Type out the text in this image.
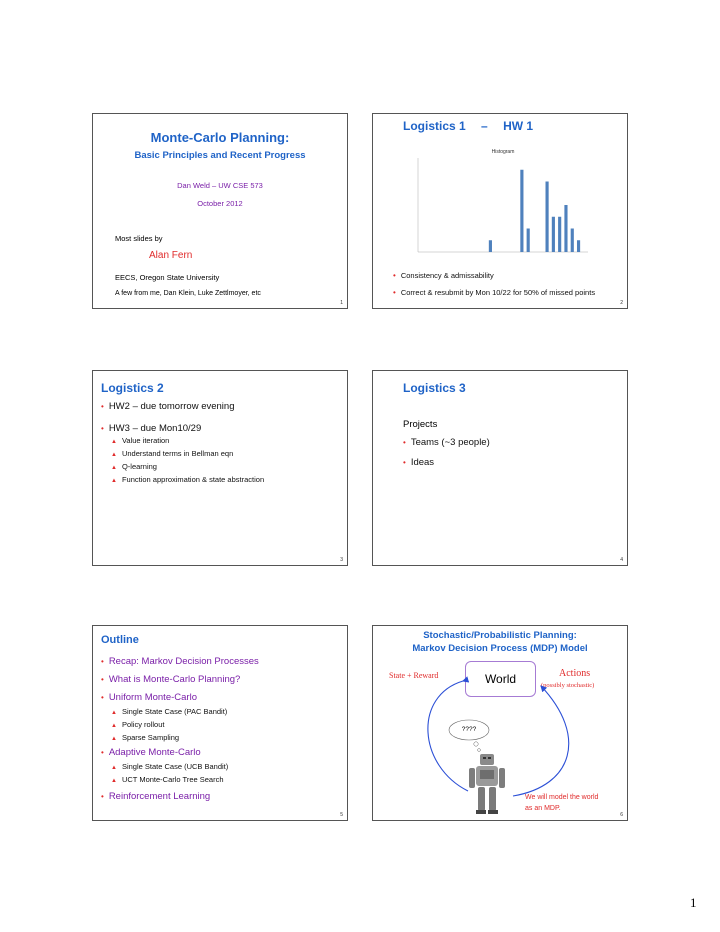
Monte-Carlo Planning:
Basic Principles and Recent Progress
Dan Weld – UW CSE 573
October 2012
Most slides by
Alan Fern
EECS, Oregon State University
A few from me, Dan Klein, Luke Zettlmoyer, etc
1
Logistics 1 – HW 1
Histogram
• Consistency & admissability
• Correct & resubmit by Mon 10/22 for 50% of missed points
2
Logistics 2
• HW2 – due tomorrow evening
• HW3 – due Mon10/29
▲ Value iteration
▲ Understand terms in Bellman eqn
▲ Q-learning
▲ Function approximation & state abstraction
3
Logistics 3
Projects
• Teams (~3 people)
• Ideas
4
Outline
• Recap: Markov Decision Processes
• What is Monte-Carlo Planning?
• Uniform Monte-Carlo
▲ Single State Case (PAC Bandit)
▲ Policy rollout
▲ Sparse Sampling
• Adaptive Monte-Carlo
▲ Single State Case (UCB Bandit)
▲ UCT Monte-Carlo Tree Search
• Reinforcement Learning
5
Stochastic/Probabilistic Planning:
Markov Decision Process (MDP) Model
State + Reward	Actions
(possibly stochastic)
World
????
We will model the world
as an MDP.
6
1
